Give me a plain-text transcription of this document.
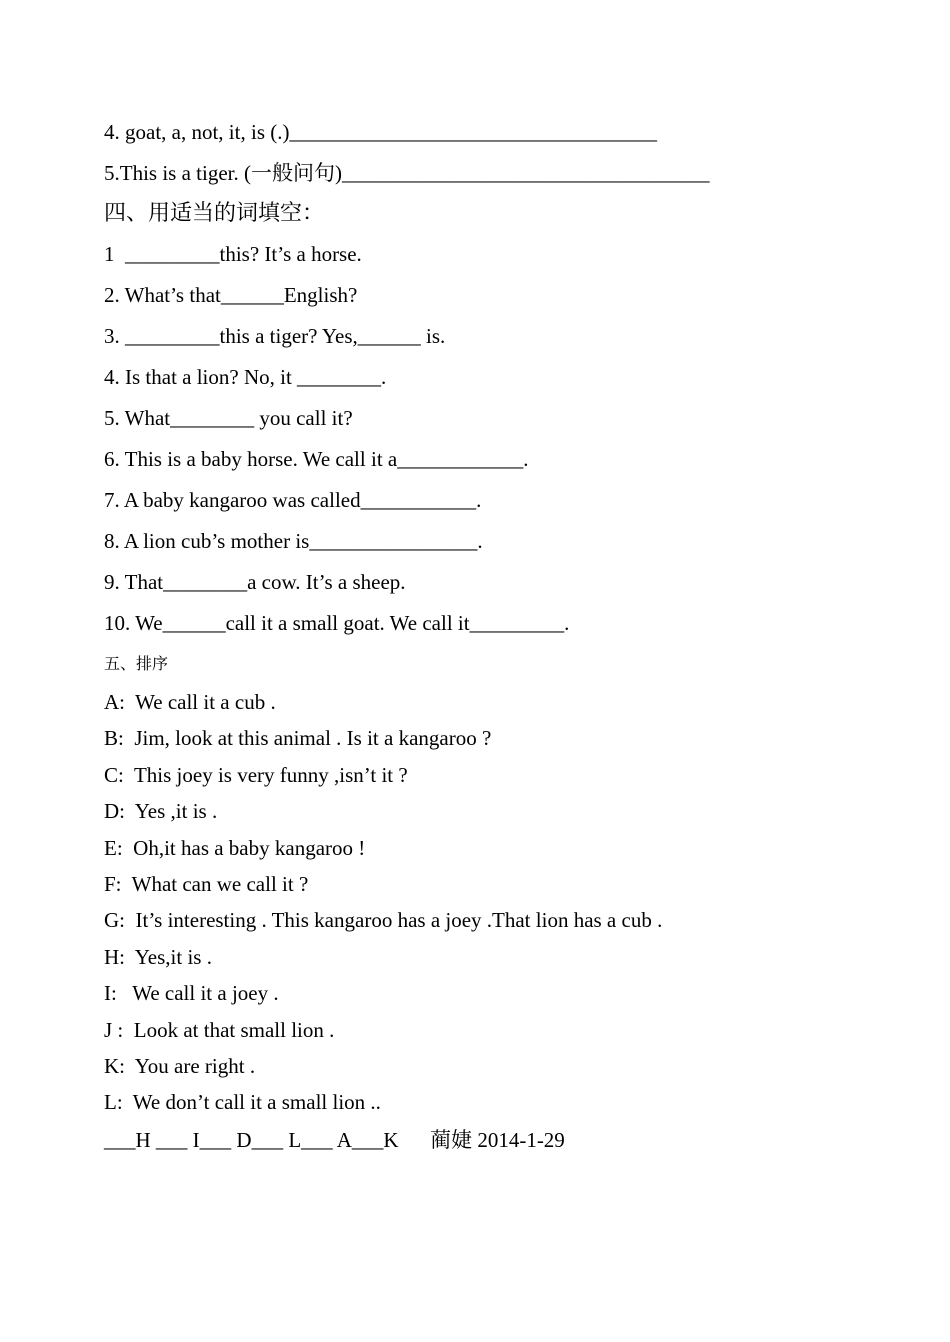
4. goat, a, not, it, is (.)___________________________________
5.This is a tiger. (一般问句)___________________________________
四、用适当的词填空：
1  _________this? It’s a horse.
2. What’s that______English?
3. _________this a tiger? Yes,______ is.
4. Is that a lion? No, it ________.
5. What________ you call it?
6. This is a baby horse. We call it a____________.
7. A baby kangaroo was called___________.
8. A lion cub’s mother is________________.
9. That________a cow. It’s a sheep.
10. We______call it a small goat. We call it_________.
五、排序
A:  We call it a cub .
B:  Jim, look at this animal . Is it a kangaroo ?
C:  This joey is very funny ,isn’t it ?
D:  Yes ,it is .
E:  Oh,it has a baby kangaroo !
F:  What can we call it ?
G:  It’s interesting . This kangaroo has a joey .That lion has a cub .
H:  Yes,it is .
I:   We call it a joey .
J :  Look at that small lion .
K:  You are right .
L:  We don’t call it a small lion ..
___H ___ I___ D___ L___ A___K      蔺婕 2014-1-29
